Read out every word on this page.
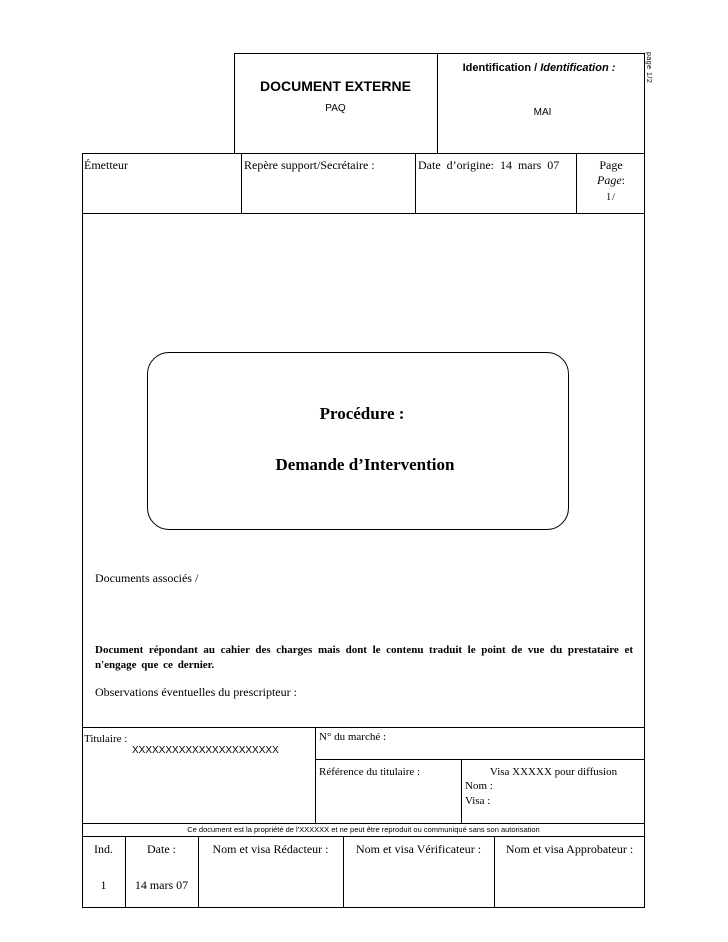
page 1/2
DOCUMENT EXTERNE
PAQ
Identification / Identification :
MAI
Émetteur	Repère support/Secrétaire :	Date d’origine: 14 mars 07	Page
Page:
1/
Procédure :
Demande d’Intervention
Documents associés /
Document répondant au cahier des charges mais dont le contenu traduit le point de vue du prestataire et n'engage que ce dernier.
Observations éventuelles du prescripteur :
Titulaire :
XXXXXXXXXXXXXXXXXXXXXX
N° du marché :
Référence du titulaire :	Visa XXXXX pour diffusion
Nom :
Visa :
Ce document est la propriété de l'XXXXXX et ne peut être reproduit ou communiqué sans son autorisation
Ind.	Date :	Nom et visa Rédacteur :	Nom et visa Vérificateur :	Nom et visa Approbateur :
1	14 mars 07
